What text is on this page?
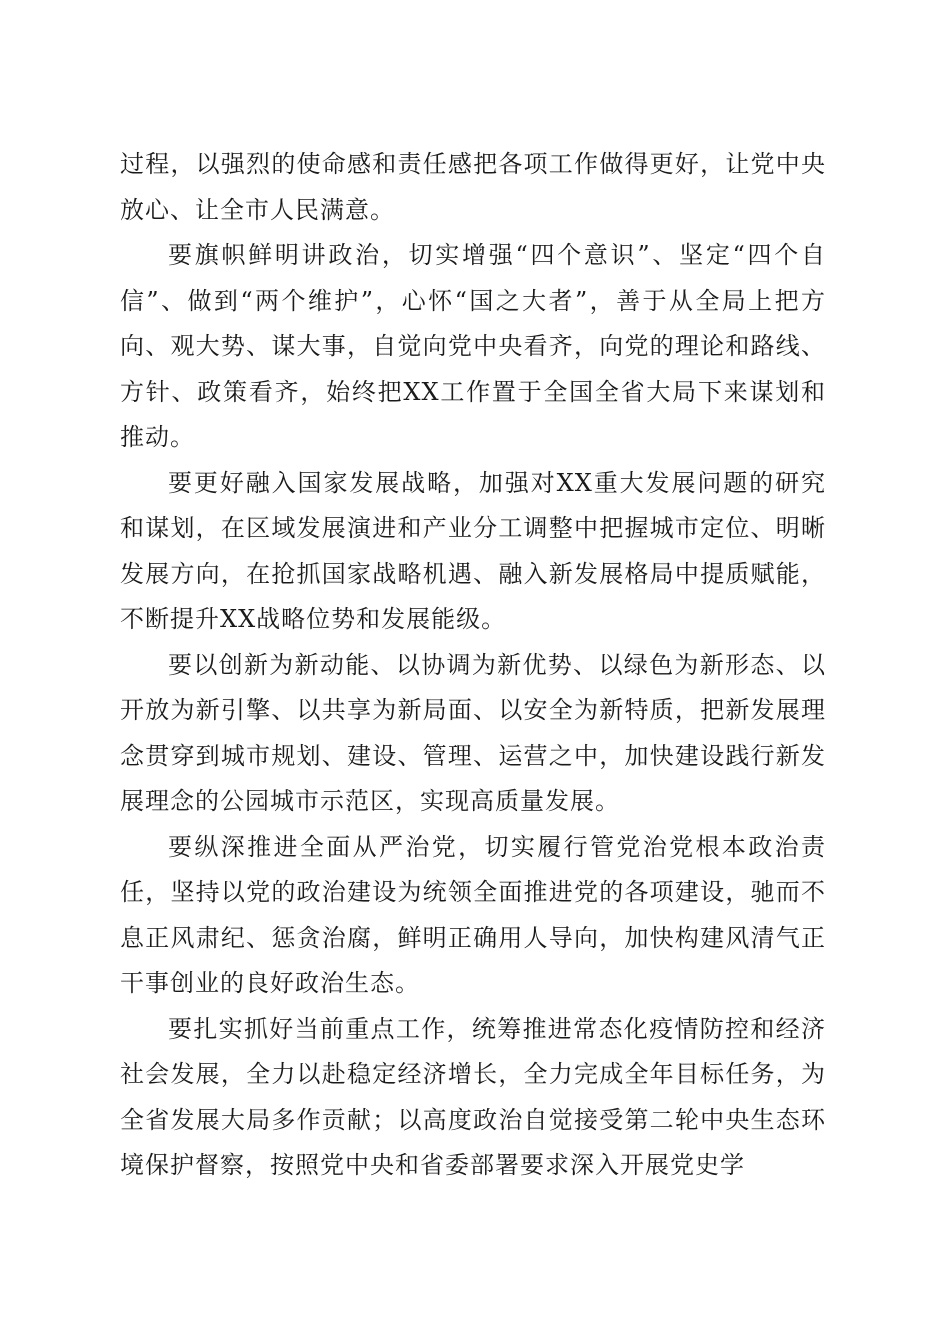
过程，以强烈的使命感和责任感把各项工作做得更好，让党中央放心、让全市人民满意。

要旗帜鲜明讲政治，切实增强“四个意识”、坚定“四个自信”、做到“两个维护”，心怀“国之大者”，善于从全局上把方向、观大势、谋大事，自觉向党中央看齐，向党的理论和路线、方针、政策看齐，始终把XX工作置于全国全省大局下来谋划和推动。

要更好融入国家发展战略，加强对XX重大发展问题的研究和谋划，在区域发展演进和产业分工调整中把握城市定位、明晰发展方向，在抢抓国家战略机遇、融入新发展格局中提质赋能，不断提升XX战略位势和发展能级。

要以创新为新动能、以协调为新优势、以绿色为新形态、以开放为新引擎、以共享为新局面、以安全为新特质，把新发展理念贯穿到城市规划、建设、管理、运营之中，加快建设践行新发展理念的公园城市示范区，实现高质量发展。

要纵深推进全面从严治党，切实履行管党治党根本政治责任，坚持以党的政治建设为统领全面推进党的各项建设，驰而不息正风肃纪、惩贪治腐，鲜明正确用人导向，加快构建风清气正干事创业的良好政治生态。

要扎实抓好当前重点工作，统筹推进常态化疫情防控和经济社会发展，全力以赴稳定经济增长，全力完成全年目标任务，为全省发展大局多作贡献；以高度政治自觉接受第二轮中央生态环境保护督察，按照党中央和省委部署要求深入开展党史学
